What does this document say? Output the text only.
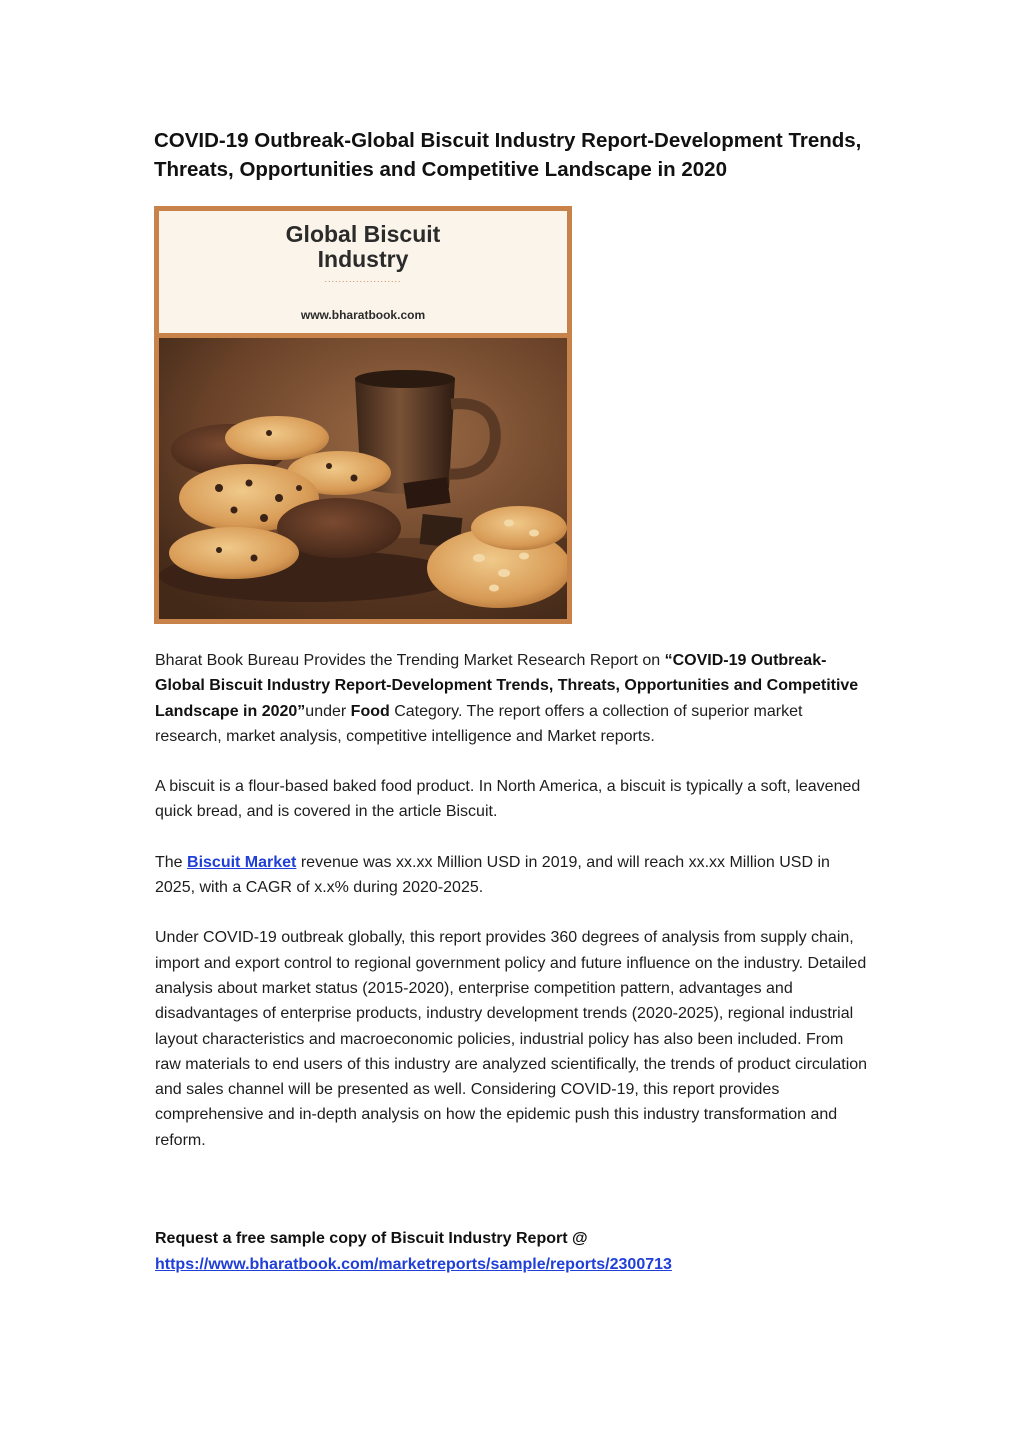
COVID-19 Outbreak-Global Biscuit Industry Report-Development Trends, Threats, Opportunities and Competitive Landscape in 2020
Global Biscuit
Industry
......................
www.bharatbook.com

Bharat Book Bureau Provides the Trending Market Research Report on “COVID-19 Outbreak-Global Biscuit Industry Report-Development Trends, Threats, Opportunities and Competitive Landscape in 2020”under Food Category. The report offers a collection of superior market research, market analysis, competitive intelligence and Market reports.

A biscuit is a flour-based baked food product. In North America, a biscuit is typically a soft, leavened quick bread, and is covered in the article Biscuit.

The Biscuit Market revenue was xx.xx Million USD in 2019, and will reach xx.xx Million USD in 2025, with a CAGR of x.x% during 2020-2025.

Under COVID-19 outbreak globally, this report provides 360 degrees of analysis from supply chain, import and export control to regional government policy and future influence on the industry. Detailed analysis about market status (2015-2020), enterprise competition pattern, advantages and disadvantages of enterprise products, industry development trends (2020-2025), regional industrial layout characteristics and macroeconomic policies, industrial policy has also been included. From raw materials to end users of this industry are analyzed scientifically, the trends of product circulation and sales channel will be presented as well. Considering COVID-19, this report provides comprehensive and in-depth analysis on how the epidemic push this industry transformation and reform.

Request a free sample copy of Biscuit Industry Report @
https://www.bharatbook.com/marketreports/sample/reports/2300713
